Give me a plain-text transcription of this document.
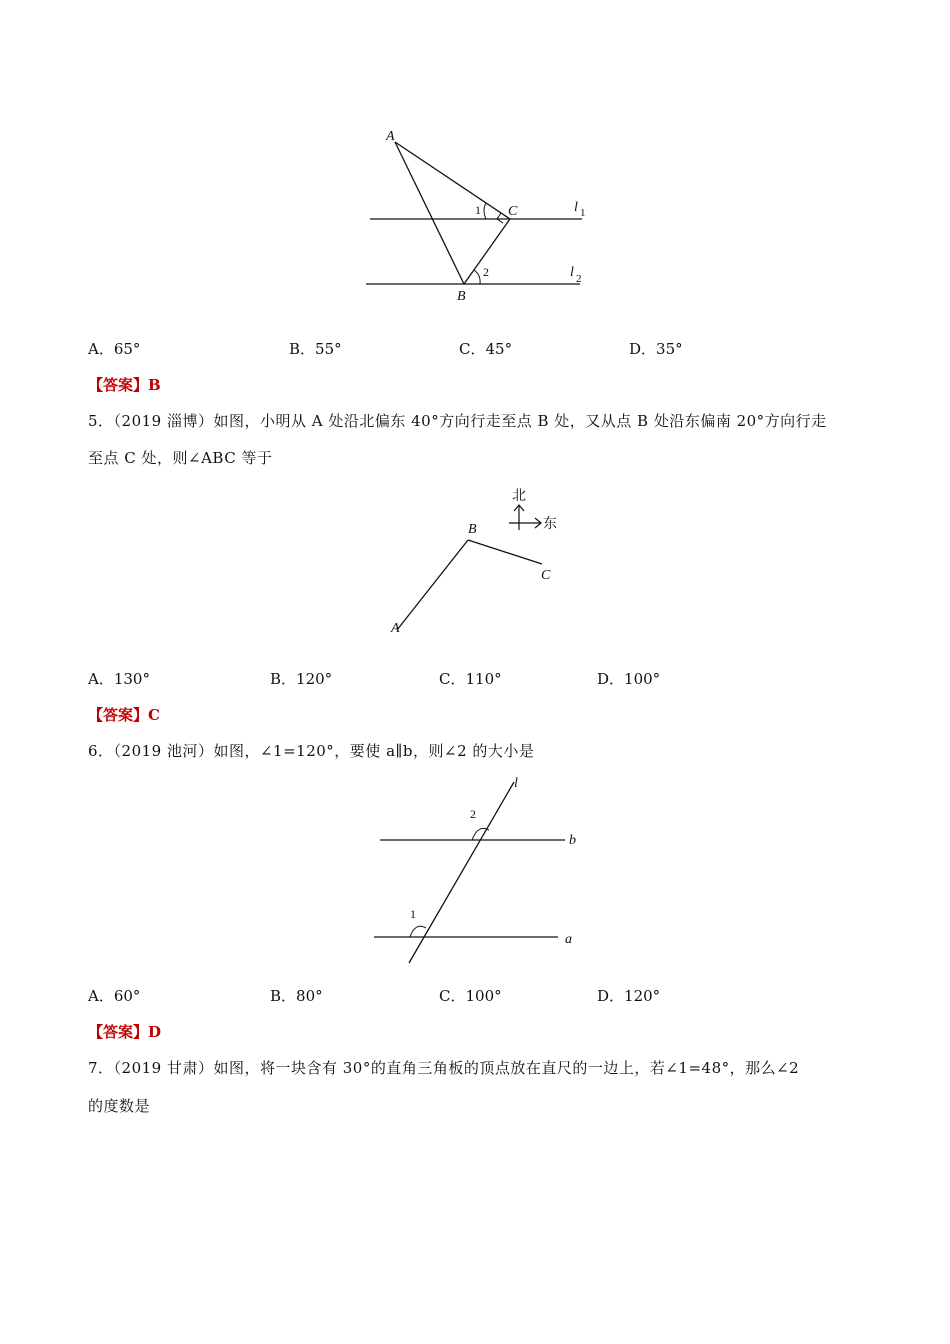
A
B
C
1
2
l 1
l 2
A．65°	B．55°	C．45°	D．35°
【答案】B
5．（2019 淄博）如图，小明从 A 处沿北偏东 40°方向行走至点 B 处，又从点 B 处沿东偏南 20°方向行走
至点 C 处，则∠ABC 等于
北
东
A
B
C
A．130°	B．120°	C．110°	D．100°
【答案】C
6．（2019 池河）如图，∠1=120°，要使 a∥b，则∠2 的大小是
l
b
a
2
1
A．60°	B．80°	C．100°	D．120°
【答案】D
7．（2019 甘肃）如图，将一块含有 30°的直角三角板的顶点放在直尺的一边上，若∠1=48°，那么∠2
的度数是
